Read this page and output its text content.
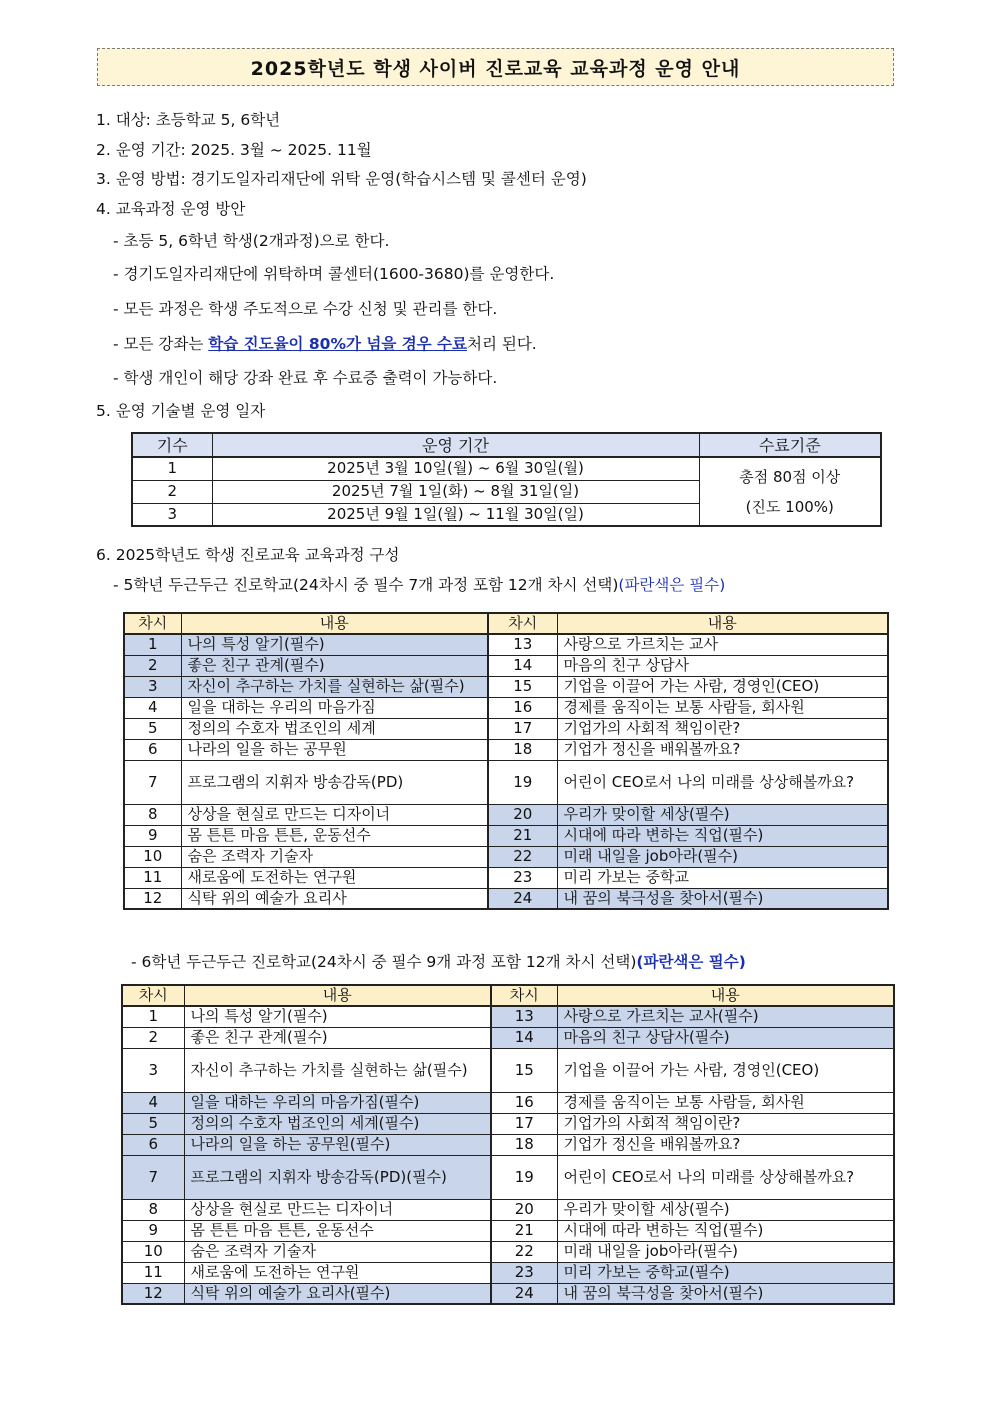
2025학년도 학생 사이버 진로교육 교육과정 운영 안내
1. 대상: 초등학교 5, 6학년
2. 운영 기간: 2025. 3월 ~ 2025. 11월
3. 운영 방법: 경기도일자리재단에 위탁 운영(학습시스템 및 콜센터 운영)
4. 교육과정 운영 방안
- 초등 5, 6학년 학생(2개과정)으로 한다.
- 경기도일자리재단에 위탁하며 콜센터(1600-3680)를 운영한다.
- 모든 과정은 학생 주도적으로 수강 신청 및 관리를 한다.
- 모든 강좌는 학습 진도율이 80%가 넘을 경우 수료처리 된다.
- 학생 개인이 해당 강좌 완료 후 수료증 출력이 가능하다.
5. 운영 기술별 운영 일자
기수	운영 기간	수료기준
1	2025년 3월 10일(월) ~ 6월 30일(월)	총점 80점 이상
(진도 100%)

2	2025년 7월 1일(화) ~ 8월 31일(일)	
3	2025년 9월 1일(월) ~ 11월 30일(일)	
6. 2025학년도 학생 진로교육 교육과정 구성
- 5학년 두근두근 진로학교(24차시 중 필수 7개 과정 포함 12개 차시 선택)(파란색은 필수)
차시	내용	차시	내용
1	나의 특성 알기(필수)	13	사랑으로 가르치는 교사
2	좋은 친구 관계(필수)	14	마음의 친구 상담사
3	자신이 추구하는 가치를 실현하는 삶(필수)	15	기업을 이끌어 가는 사람, 경영인(CEO)
4	일을 대하는 우리의 마음가짐	16	경제를 움직이는 보통 사람들, 회사원
5	정의의 수호자 법조인의 세계	17	기업가의 사회적 책임이란?
6	나라의 일을 하는 공무원	18	기업가 정신을 배워볼까요?
7	프로그램의 지휘자 방송감독(PD)	19	어린이 CEO로서 나의 미래를 상상해볼까요?
8	상상을 현실로 만드는 디자이너	20	우리가 맞이할 세상(필수)
9	몸 튼튼 마음 튼튼, 운동선수	21	시대에 따라 변하는 직업(필수)
10	숨은 조력자 기술자	22	미래 내일을 job아라(필수)
11	새로움에 도전하는 연구원	23	미리 가보는 중학교
12	식탁 위의 예술가 요리사	24	내 꿈의 북극성을 찾아서(필수)
- 6학년 두근두근 진로학교(24차시 중 필수 9개 과정 포함 12개 차시 선택)(파란색은 필수)
차시	내용	차시	내용
1	나의 특성 알기(필수)	13	사랑으로 가르치는 교사(필수)
2	좋은 친구 관계(필수)	14	마음의 친구 상담사(필수)
3	자신이 추구하는 가치를 실현하는 삶(필수)	15	기업을 이끌어 가는 사람, 경영인(CEO)
4	일을 대하는 우리의 마음가짐(필수)	16	경제를 움직이는 보통 사람들, 회사원
5	정의의 수호자 법조인의 세계(필수)	17	기업가의 사회적 책임이란?
6	나라의 일을 하는 공무원(필수)	18	기업가 정신을 배워볼까요?
7	프로그램의 지휘자 방송감독(PD)(필수)	19	어린이 CEO로서 나의 미래를 상상해볼까요?
8	상상을 현실로 만드는 디자이너	20	우리가 맞이할 세상(필수)
9	몸 튼튼 마음 튼튼, 운동선수	21	시대에 따라 변하는 직업(필수)
10	숨은 조력자 기술자	22	미래 내일을 job아라(필수)
11	새로움에 도전하는 연구원	23	미리 가보는 중학교(필수)
12	식탁 위의 예술가 요리사(필수)	24	내 꿈의 북극성을 찾아서(필수)
